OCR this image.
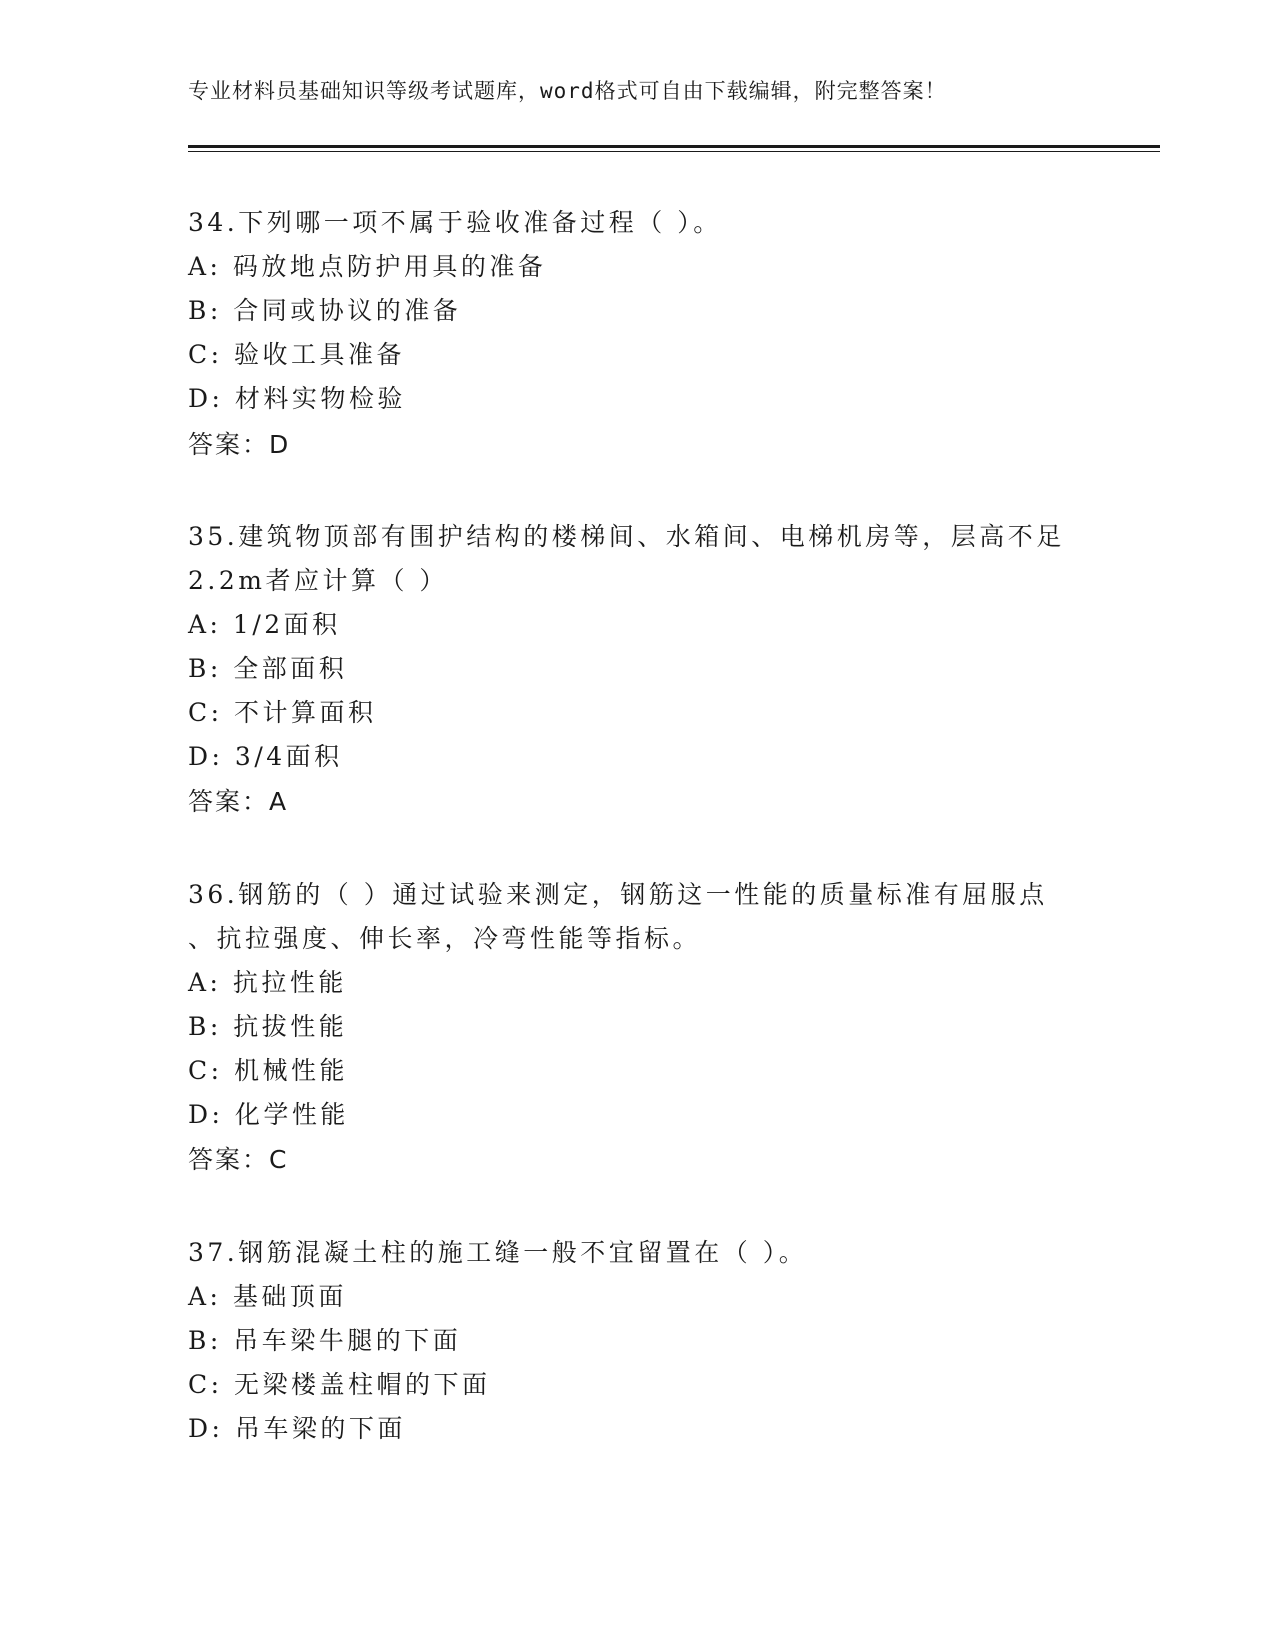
专业材料员基础知识等级考试题库，word格式可自由下载编辑，附完整答案！
34.下列哪一项不属于验收准备过程（ ）。
A: 码放地点防护用具的准备
B: 合同或协议的准备
C: 验收工具准备
D: 材料实物检验
答案：D
35.建筑物顶部有围护结构的楼梯间、水箱间、电梯机房等，层高不足
2.2m者应计算（ ）
A: 1/2面积
B: 全部面积
C: 不计算面积
D: 3/4面积
答案：A
36.钢筋的（ ）通过试验来测定，钢筋这一性能的质量标准有屈服点
、抗拉强度、伸长率，冷弯性能等指标。
A: 抗拉性能
B: 抗拔性能
C: 机械性能
D: 化学性能
答案：C
37.钢筋混凝土柱的施工缝一般不宜留置在（ ）。
A: 基础顶面
B: 吊车梁牛腿的下面
C: 无梁楼盖柱帽的下面
D: 吊车梁的下面
